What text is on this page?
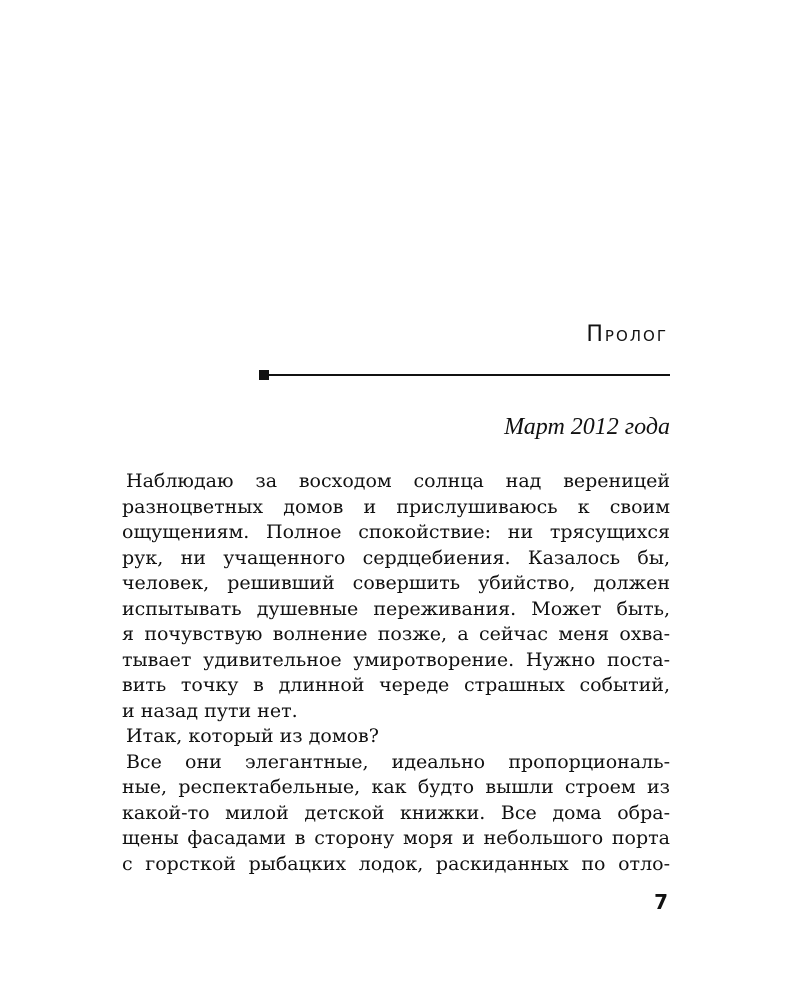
Пролог
Март 2012 года
Наблюдаю за восходом солнца над вереницей
разноцветных домов и прислушиваюсь к своим
ощущениям. Полное спокойствие: ни трясущихся
рук, ни учащенного сердцебиения. Казалось бы,
человек, решивший совершить убийство, должен
испытывать душевные переживания. Может быть,
я почувствую волнение позже, а сейчас меня охва-
тывает удивительное умиротворение. Нужно поста-
вить точку в длинной череде страшных событий,
и назад пути нет.
Итак, который из домов?
Все они элегантные, идеально пропорциональ-
ные, респектабельные, как будто вышли строем из
какой-то милой детской книжки. Все дома обра-
щены фасадами в сторону моря и небольшого порта
с горсткой рыбацких лодок, раскиданных по отло-
7
